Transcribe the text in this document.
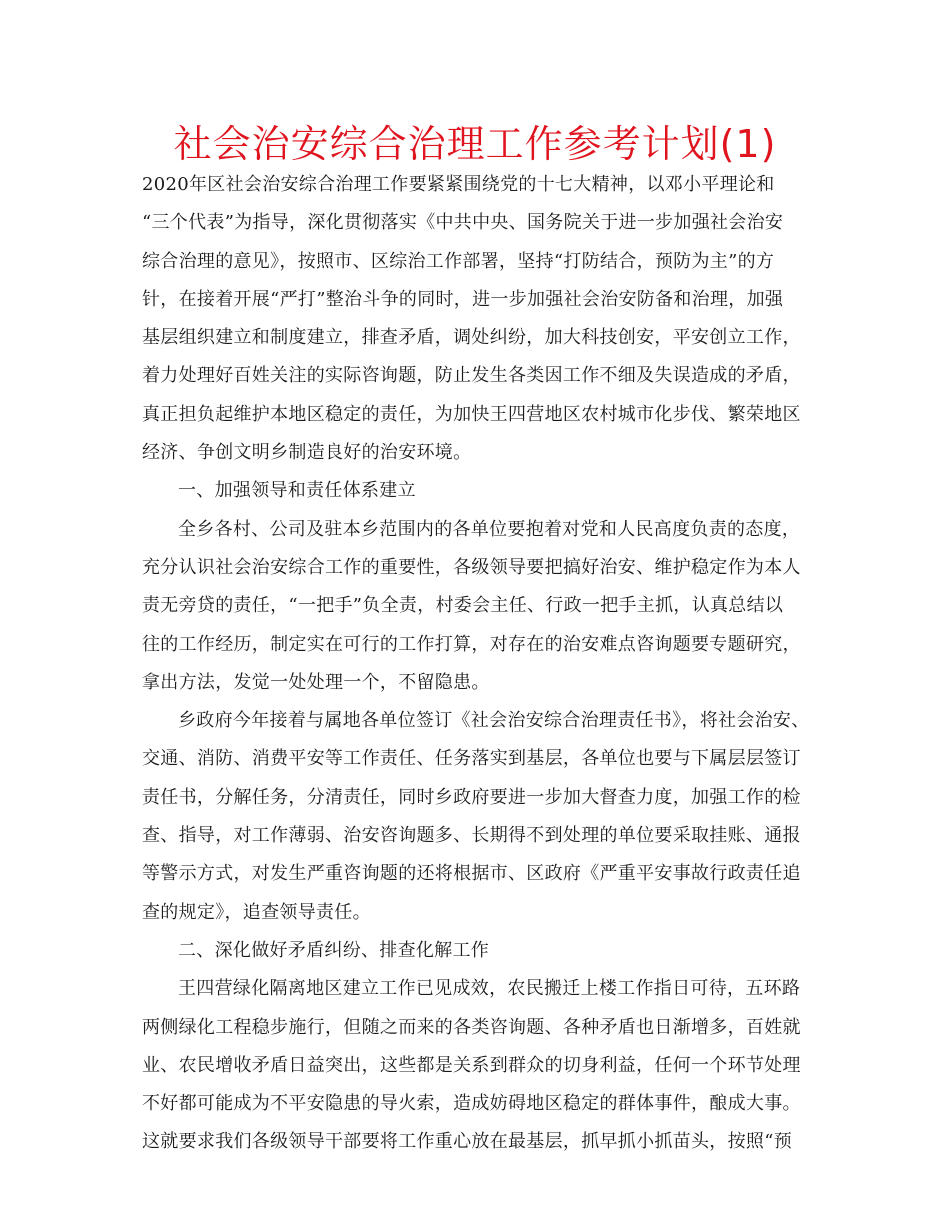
社会治安综合治理工作参考计划(1)
2020年区社会治安综合治理工作要紧紧围绕党的十七大精神，以邓小平理论和
“三个代表”为指导，深化贯彻落实《中共中央、国务院关于进一步加强社会治安
综合治理的意见》，按照市、区综治工作部署，坚持“打防结合，预防为主”的方
针，在接着开展“严打”整治斗争的同时，进一步加强社会治安防备和治理，加强
基层组织建立和制度建立，排查矛盾，调处纠纷，加大科技创安，平安创立工作，
着力处理好百姓关注的实际咨询题，防止发生各类因工作不细及失误造成的矛盾，
真正担负起维护本地区稳定的责任，为加快王四营地区农村城市化步伐、繁荣地区
经济、争创文明乡制造良好的治安环境。
一、加强领导和责任体系建立
全乡各村、公司及驻本乡范围内的各单位要抱着对党和人民高度负责的态度，
充分认识社会治安综合工作的重要性，各级领导要把搞好治安、维护稳定作为本人
责无旁贷的责任，“一把手”负全责，村委会主任、行政一把手主抓，认真总结以
往的工作经历，制定实在可行的工作打算，对存在的治安难点咨询题要专题研究，
拿出方法，发觉一处处理一个，不留隐患。
乡政府今年接着与属地各单位签订《社会治安综合治理责任书》，将社会治安、
交通、消防、消费平安等工作责任、任务落实到基层，各单位也要与下属层层签订
责任书，分解任务，分清责任，同时乡政府要进一步加大督查力度，加强工作的检
查、指导，对工作薄弱、治安咨询题多、长期得不到处理的单位要采取挂账、通报
等警示方式，对发生严重咨询题的还将根据市、区政府《严重平安事故行政责任追
查的规定》，追查领导责任。
二、深化做好矛盾纠纷、排查化解工作
王四营绿化隔离地区建立工作已见成效，农民搬迁上楼工作指日可待，五环路
两侧绿化工程稳步施行，但随之而来的各类咨询题、各种矛盾也日渐增多，百姓就
业、农民增收矛盾日益突出，这些都是关系到群众的切身利益，任何一个环节处理
不好都可能成为不平安隐患的导火索，造成妨碍地区稳定的群体事件，酿成大事。
这就要求我们各级领导干部要将工作重心放在最基层，抓早抓小抓苗头，按照“预
